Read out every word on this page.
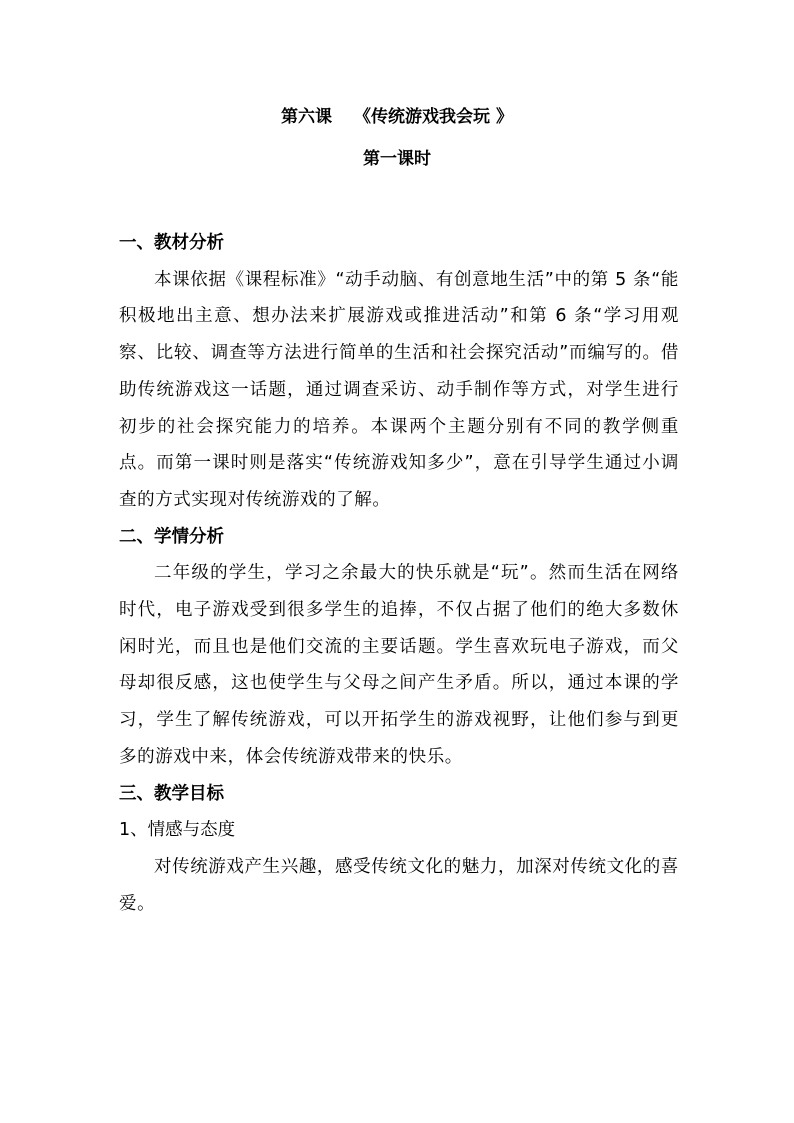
第六课 《传统游戏我会玩 》
第一课时

一、教材分析

本课依据《课程标准》“动手动脑、有创意地生活”中的第 5 条“能积极地出主意、想办法来扩展游戏或推进活动”和第 6 条“学习用观察、比较、调查等方法进行简单的生活和社会探究活动”而编写的。借助传统游戏这一话题，通过调查采访、动手制作等方式，对学生进行初步的社会探究能力的培养。本课两个主题分别有不同的教学侧重点。而第一课时则是落实“传统游戏知多少”，意在引导学生通过小调查的方式实现对传统游戏的了解。

二、学情分析

二年级的学生，学习之余最大的快乐就是“玩”。然而生活在网络时代，电子游戏受到很多学生的追捧，不仅占据了他们的绝大多数休闲时光，而且也是他们交流的主要话题。学生喜欢玩电子游戏，而父母却很反感，这也使学生与父母之间产生矛盾。所以，通过本课的学习，学生了解传统游戏，可以开拓学生的游戏视野，让他们参与到更多的游戏中来，体会传统游戏带来的快乐。

三、教学目标

1、情感与态度

对传统游戏产生兴趣，感受传统文化的魅力，加深对传统文化的喜爱。
